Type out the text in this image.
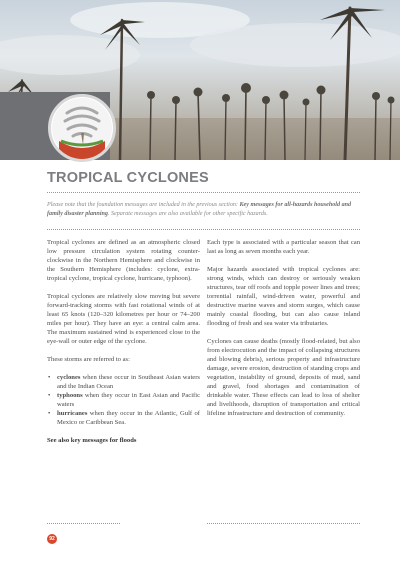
TROPICAL CYCLONES

Please note that the foundation messages are included in the previous section: Key messages for all-hazards household and family disaster planning. Separate messages are also available for other specific hazards.

Tropical cyclones are defined as an atmospheric closed low pressure circulation system rotating counter-clockwise in the Northern Hemisphere and clockwise in the Southern Hemisphere (includes: cyclone, extra-tropical cyclone, tropical cyclone, hurricane, typhoon).

Tropical cyclones are relatively slow moving but severe forward-tracking storms with fast rotational winds of at least 65 knots (120–320 kilometres per hour or 74–200 miles per hour). They have an eye: a central calm area. The maximum sustained wind is experienced close to the eye-wall or outer edge of the cyclone.

These storms are referred to as:

• cyclones when these occur in Southeast Asian waters and the Indian Ocean
• typhoons when they occur in East Asian and Pacific waters
• hurricanes when they occur in the Atlantic, Gulf of Mexico or Caribbean Sea.

See also key messages for floods

Each type is associated with a particular season that can last as long as seven months each year.

Major hazards associated with tropical cyclones are: strong winds, which can destroy or seriously weaken structures, tear off roofs and topple power lines and trees; torrential rainfall, wind-driven water, powerful and destructive marine waves and storm surges, which cause mainly coastal flooding, but can also cause inland flooding of fresh and sea water via tributaries.

Cyclones can cause deaths (mostly flood-related, but also from electrocution and the impact of collapsing structures and blowing debris), serious property and infrastructure damage, severe erosion, destruction of standing crops and vegetation, instability of ground, deposits of mud, sand and gravel, food shortages and contamination of drinkable water. These effects can lead to loss of shelter and livelihoods, disruption of transportation and critical lifeline infrastructure and destruction of community.

92
